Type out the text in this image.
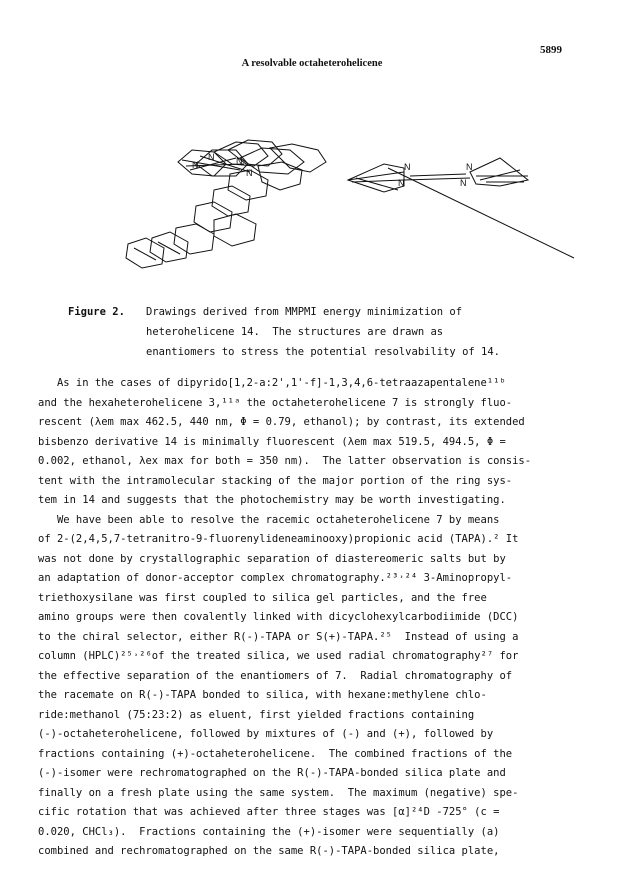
5899
A resolvable octaheterohelicene
N
N	N
N
N
N
N
N
Figure 2.	Drawings derived from MMPMI energy minimization of
heterohelicene 14.  The structures are drawn as
enantiomers to stress the potential resolvability of 14.
As in the cases of dipyrido[1,2-a:2',1'-f]-1,3,4,6-tetraazapentalene¹¹ᵇ
and the hexaheterohelicene 3,¹¹ᵃ the octaheterohelicene 7 is strongly fluo-
rescent (λem max 462.5, 440 nm, Φ = 0.79, ethanol); by contrast, its extended
bisbenzo derivative 14 is minimally fluorescent (λem max 519.5, 494.5, Φ =
0.002, ethanol, λex max for both = 350 nm).  The latter observation is consis-
tent with the intramolecular stacking of the major portion of the ring sys-
tem in 14 and suggests that the photochemistry may be worth investigating.
We have been able to resolve the racemic octaheterohelicene 7 by means
of 2-(2,4,5,7-tetranitro-9-fluorenylideneaminooxy)propionic acid (TAPA).² It
was not done by crystallographic separation of diastereomeric salts but by
an adaptation of donor-acceptor complex chromatography.²³˒²⁴ 3-Aminopropyl-
triethoxysilane was first coupled to silica gel particles, and the free
amino groups were then covalently linked with dicyclohexylcarbodiimide (DCC)
to the chiral selector, either R(-)-TAPA or S(+)-TAPA.²⁵  Instead of using a
column (HPLC)²⁵˒²⁶of the treated silica, we used radial chromatography²⁷ for
the effective separation of the enantiomers of 7.  Radial chromatography of
the racemate on R(-)-TAPA bonded to silica, with hexane:methylene chlo-
ride:methanol (75:23:2) as eluent, first yielded fractions containing
(-)-octaheterohelicene, followed by mixtures of (-) and (+), followed by
fractions containing (+)-octaheterohelicene.  The combined fractions of the
(-)-isomer were rechromatographed on the R(-)-TAPA-bonded silica plate and
finally on a fresh plate using the same system.  The maximum (negative) spe-
cific rotation that was achieved after three stages was [α]²⁴D -725° (c =
0.020, CHCl₃).  Fractions containing the (+)-isomer were sequentially (a)
combined and rechromatographed on the same R(-)-TAPA-bonded silica plate,
